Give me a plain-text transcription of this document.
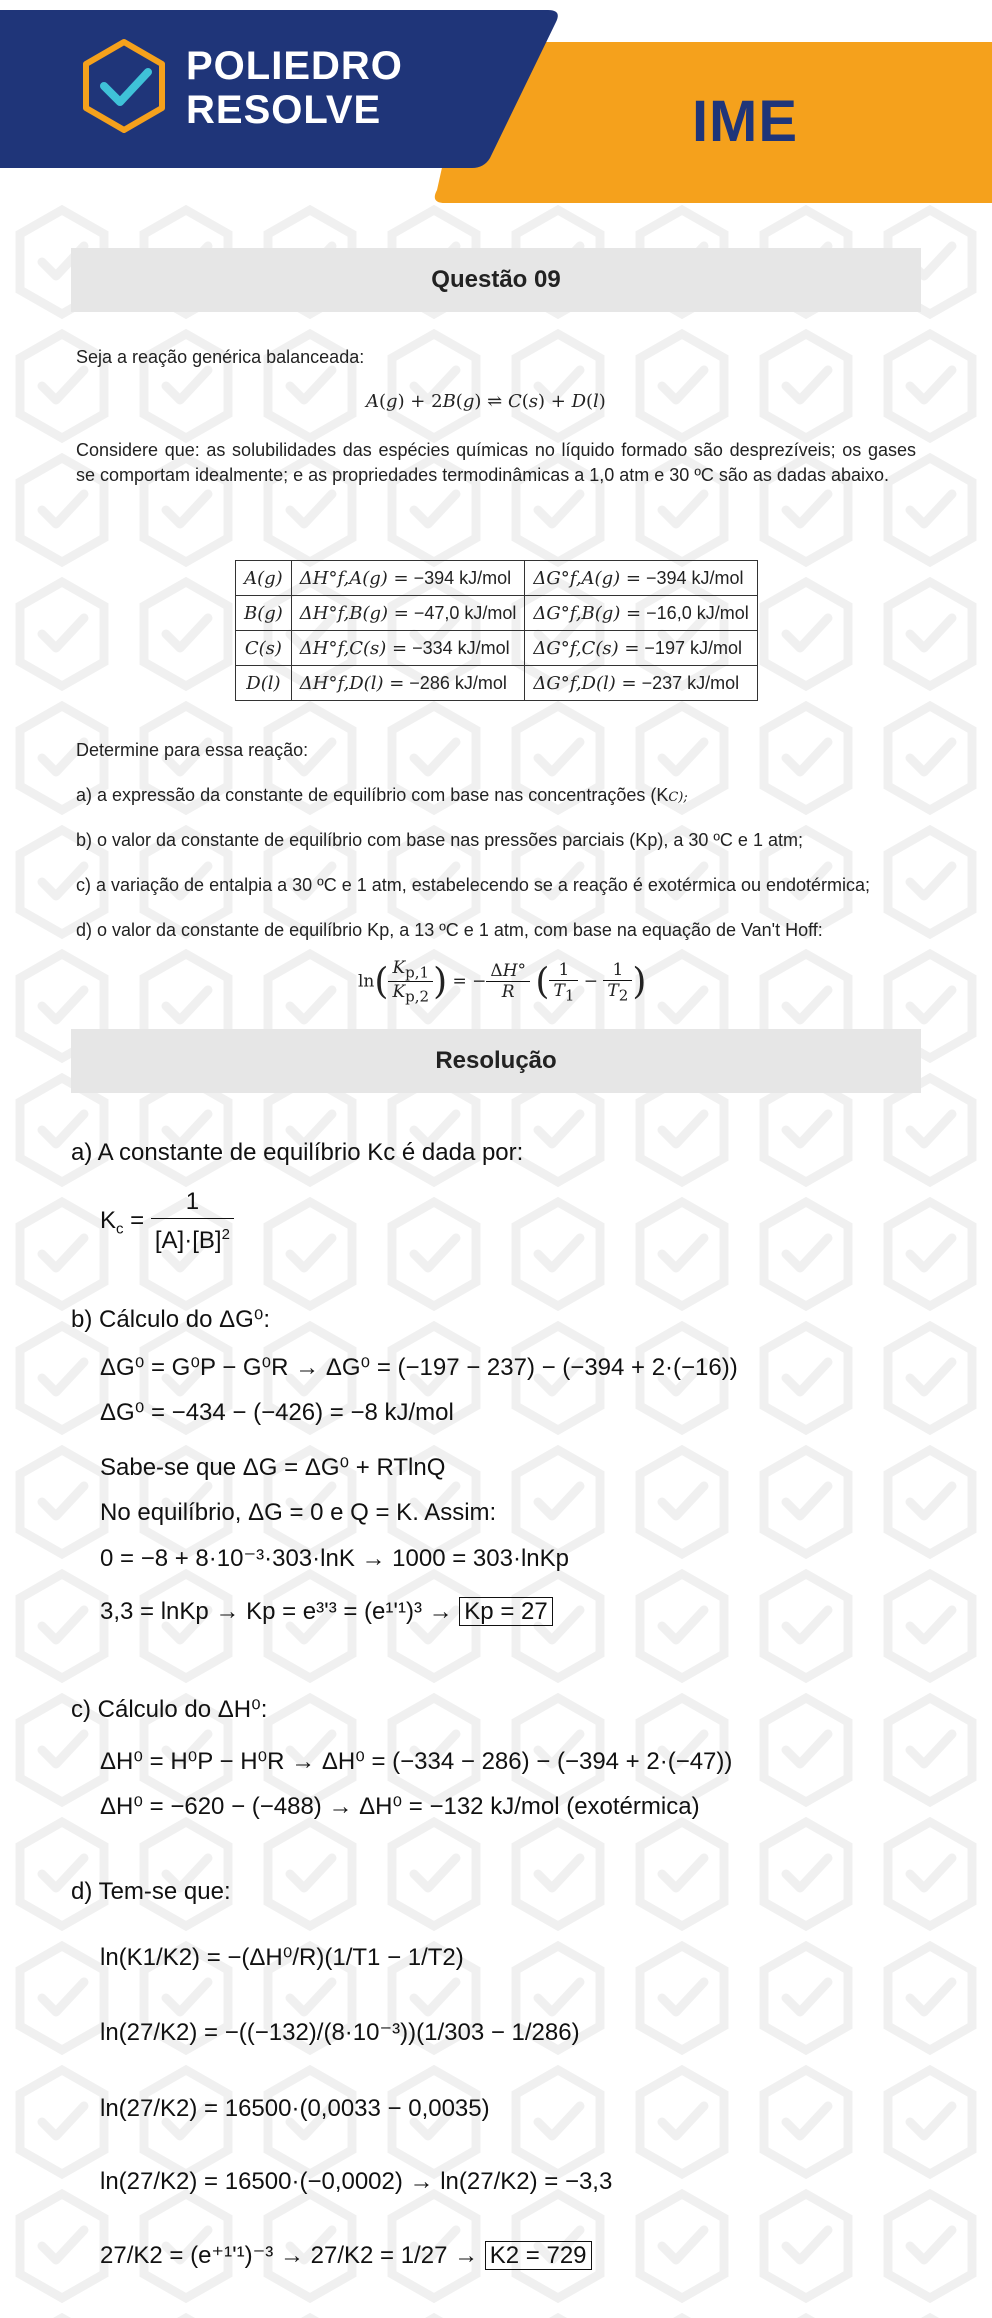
POLIEDRO
RESOLVE	IME
Questão 09
Seja a reação genérica balanceada:
A(g) + 2B(g) ⇌ C(s) + D(l)
Considere que: as solubilidades das espécies químicas no líquido formado são desprezíveis; os gases se comportam idealmente; e as propriedades termodinâmicas a 1,0 atm e 30 ºC são as dadas abaixo.
A(g)	ΔH°f,A(g) = −394 kJ/mol	ΔG°f,A(g) = −394 kJ/mol
B(g)	ΔH°f,B(g) = −47,0 kJ/mol	ΔG°f,B(g) = −16,0 kJ/mol
C(s)	ΔH°f,C(s) = −334 kJ/mol	ΔG°f,C(s) = −197 kJ/mol
D(l)	ΔH°f,D(l) = −286 kJ/mol	ΔG°f,D(l) = −237 kJ/mol
Determine para essa reação:
a) a expressão da constante de equilíbrio com base nas concentrações (KC);
b) o valor da constante de equilíbrio com base nas pressões parciais (Kp), a 30 ºC e 1 atm;
c) a variação de entalpia a 30 ºC e 1 atm, estabelecendo se a reação é exotérmica ou endotérmica;
d) o valor da constante de equilíbrio Kp, a 13 ºC e 1 atm, com base na equação de Van't Hoff:
$\ln( \frac{K_{p,1}}{K_{p,2}}$ ) = − $\frac{\Delta H^\circ}{R}$ ( $\frac{1}{T_1} - \frac{1}{T_2}$ )
Resolução
a) A constante de equilíbrio Kc é dada por:
$K_c = \frac{1}{[A]\cdot[B]^2}$
b) Cálculo do ΔG⁰:
ΔG⁰ = G⁰P − G⁰R → ΔG⁰ = (−197 − 237) − (−394 + 2·(−16))
ΔG⁰ = −434 − (−426) = −8 kJ/mol
Sabe-se que ΔG = ΔG⁰ + RTlnQ
No equilíbrio, ΔG = 0 e Q = K. Assim:
0 = −8 + 8·10⁻³·303·lnK → 1000 = 303·lnKp
3,3 = lnKp → Kp = e³'³ = (e¹'¹)³ → Kp = 27
c) Cálculo do ΔH⁰:
ΔH⁰ = H⁰P − H⁰R → ΔH⁰ = (−334 − 286) − (−394 + 2·(−47))
ΔH⁰ = −620 − (−488) → ΔH⁰ = −132 kJ/mol (exotérmica)
d) Tem-se que:
ln(K1/K2) = −(ΔH⁰/R)(1/T1 − 1/T2)
ln(27/K2) = −((−132)/(8·10⁻³))(1/303 − 1/286)
ln(27/K2) = 16500·(0,0033 − 0,0035)
ln(27/K2) = 16500·(−0,0002) → ln(27/K2) = −3,3
27/K2 = (e⁺¹'¹)⁻³ → 27/K2 = 1/27 → K2 = 729
